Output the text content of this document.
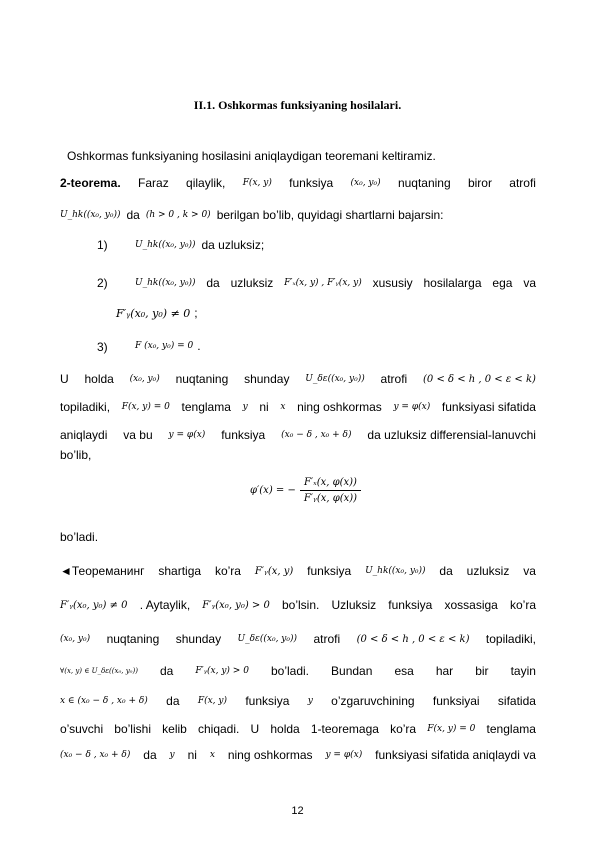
II.1. Oshkormas funksiyaning hosilalari.
Oshkormas funksiyaning hosilasini aniqlaydigan teoremani keltiramiz.
2-teorema. Faraz qilaylik, F(x, y) funksiya (x₀, y₀) nuqtaning biror atrofi
U_hk((x₀, y₀)) da (h > 0 , k > 0) berilgan bo’lib, quyidagi shartlarni bajarsin:
1)	U_hk((x₀, y₀)) da uzluksiz;
2)	U_hk((x₀, y₀)) da uzluksiz F′ₓ(x, y) , F′ᵧ(x, y) xususiy hosilalarga ega va
F′ᵧ(x₀, y₀) ≠ 0 ;
3)	F (x₀, y₀) = 0 .
U holda (x₀, y₀) nuqtaning shunday U_δε((x₀, y₀)) atrofi (0 < δ < h , 0 < ε < k)
topiladiki, F(x, y) = 0 tenglama y ni x ning oshkormas y = φ(x) funksiyasi sifatida
aniqlaydi va bu y = φ(x) funksiya (x₀ − δ , x₀ + δ) da uzluksiz differensial-lanuvchi
bo’lib,
φ′(x) = − $\frac{\text{F′ₓ(x, φ(x))}}{\text{F′ᵧ(x, φ(x))}}$
bo’ladi.
◄Теореманинг shartiga ko’ra F′ᵧ(x, y) funksiya U_hk((x₀, y₀)) da uzluksiz va
F′ᵧ(x₀, y₀) ≠ 0 . Aytaylik, F′ᵧ(x₀, y₀) > 0 bo’lsin. Uzluksiz funksiya xossasiga ko’ra
(x₀, y₀) nuqtaning shunday U_δε((x₀, y₀)) atrofi (0 < δ < h , 0 < ε < k) topiladiki,
∀(x, y) ∈ U_δε((x₀, y₀)) da F′ᵧ(x, y) > 0 bo’ladi. Bundan esa har bir tayin
x ∈ (x₀ − δ , x₀ + δ) da F(x, y) funksiya y o’zgaruvchining funksiyai sifatida
o’suvchi bo’lishi kelib chiqadi. U holda 1-teoremaga ko’ra F(x, y) = 0 tenglama
(x₀ − δ , x₀ + δ) da y ni x ning oshkormas y = φ(x) funksiyasi sifatida aniqlaydi va
12
